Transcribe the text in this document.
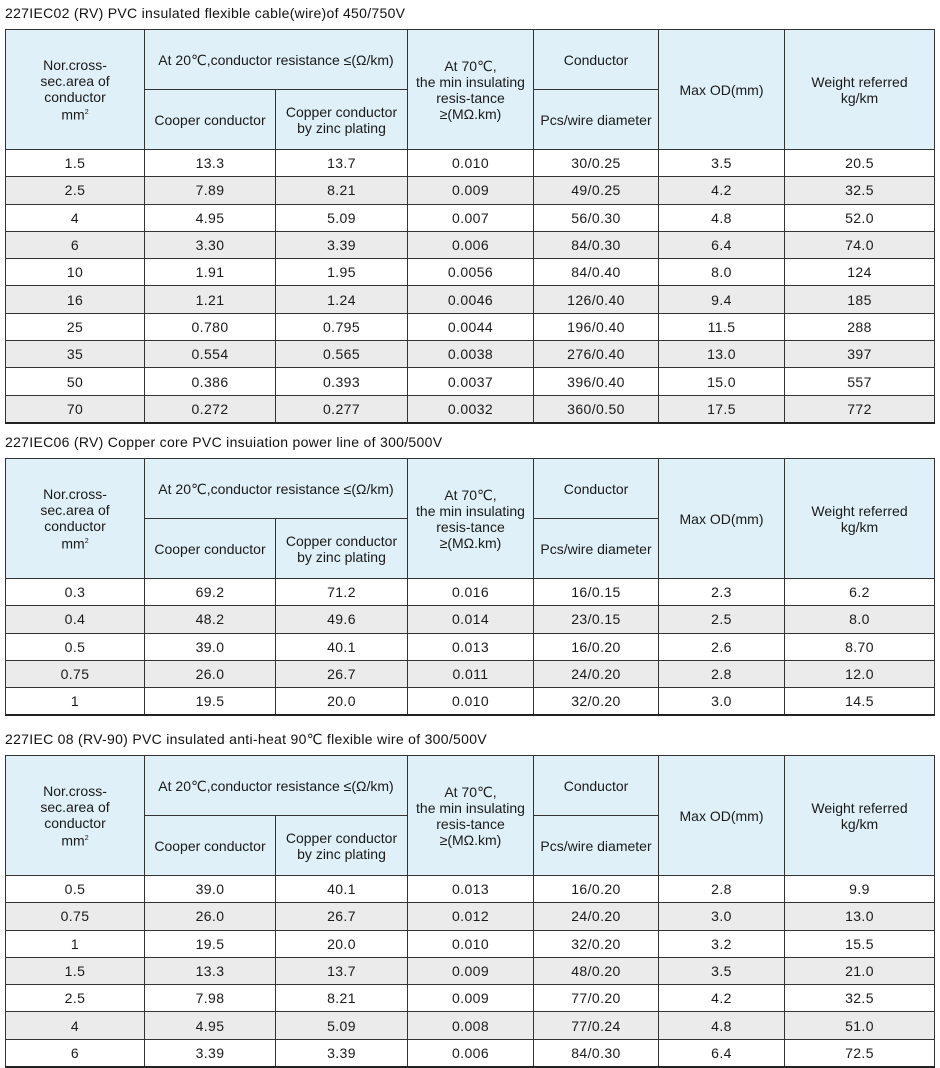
227IEC02 (RV) PVC insulated flexible cable(wire)of 450/750V
Nor.cross-
sec.area of
conductor
$mm^2$	At 20℃,conductor resistance ≤(Ω/km)		At 70℃,
the min insulating
resis-tance
≥(MΩ.km)	Conductor	Max OD(mm)	Weight referred
kg/km
	Cooper conductor	Copper conductor
by zinc plating		Pcs/wire diameter		
1.5	13.3	13.7	0.010	30/0.25	3.5	20.5
2.5	7.89	8.21	0.009	49/0.25	4.2	32.5
4	4.95	5.09	0.007	56/0.30	4.8	52.0
6	3.30	3.39	0.006	84/0.30	6.4	74.0
10	1.91	1.95	0.0056	84/0.40	8.0	124
16	1.21	1.24	0.0046	126/0.40	9.4	185
25	0.780	0.795	0.0044	196/0.40	11.5	288
35	0.554	0.565	0.0038	276/0.40	13.0	397
50	0.386	0.393	0.0037	396/0.40	15.0	557
70	0.272	0.277	0.0032	360/0.50	17.5	772
227IEC06 (RV) Copper core PVC insuiation power line of 300/500V
Nor.cross-
sec.area of
conductor
$mm^2$	At 20℃,conductor resistance ≤(Ω/km)		At 70℃,
the min insulating
resis-tance
≥(MΩ.km)	Conductor	Max OD(mm)	Weight referred
kg/km
	Cooper conductor	Copper conductor
by zinc plating		Pcs/wire diameter		
0.3	69.2	71.2	0.016	16/0.15	2.3	6.2
0.4	48.2	49.6	0.014	23/0.15	2.5	8.0
0.5	39.0	40.1	0.013	16/0.20	2.6	8.70
0.75	26.0	26.7	0.011	24/0.20	2.8	12.0
1	19.5	20.0	0.010	32/0.20	3.0	14.5
227IEC 08 (RV-90) PVC insulated anti-heat 90℃ flexible wire of 300/500V
Nor.cross-
sec.area of
conductor
$mm^2$	At 20℃,conductor resistance ≤(Ω/km)		At 70℃,
the min insulating
resis-tance
≥(MΩ.km)	Conductor	Max OD(mm)	Weight referred
kg/km
	Cooper conductor	Copper conductor
by zinc plating		Pcs/wire diameter		
0.5	39.0	40.1	0.013	16/0.20	2.8	9.9
0.75	26.0	26.7	0.012	24/0.20	3.0	13.0
1	19.5	20.0	0.010	32/0.20	3.2	15.5
1.5	13.3	13.7	0.009	48/0.20	3.5	21.0
2.5	7.98	8.21	0.009	77/0.20	4.2	32.5
4	4.95	5.09	0.008	77/0.24	4.8	51.0
6	3.39	3.39	0.006	84/0.30	6.4	72.5
